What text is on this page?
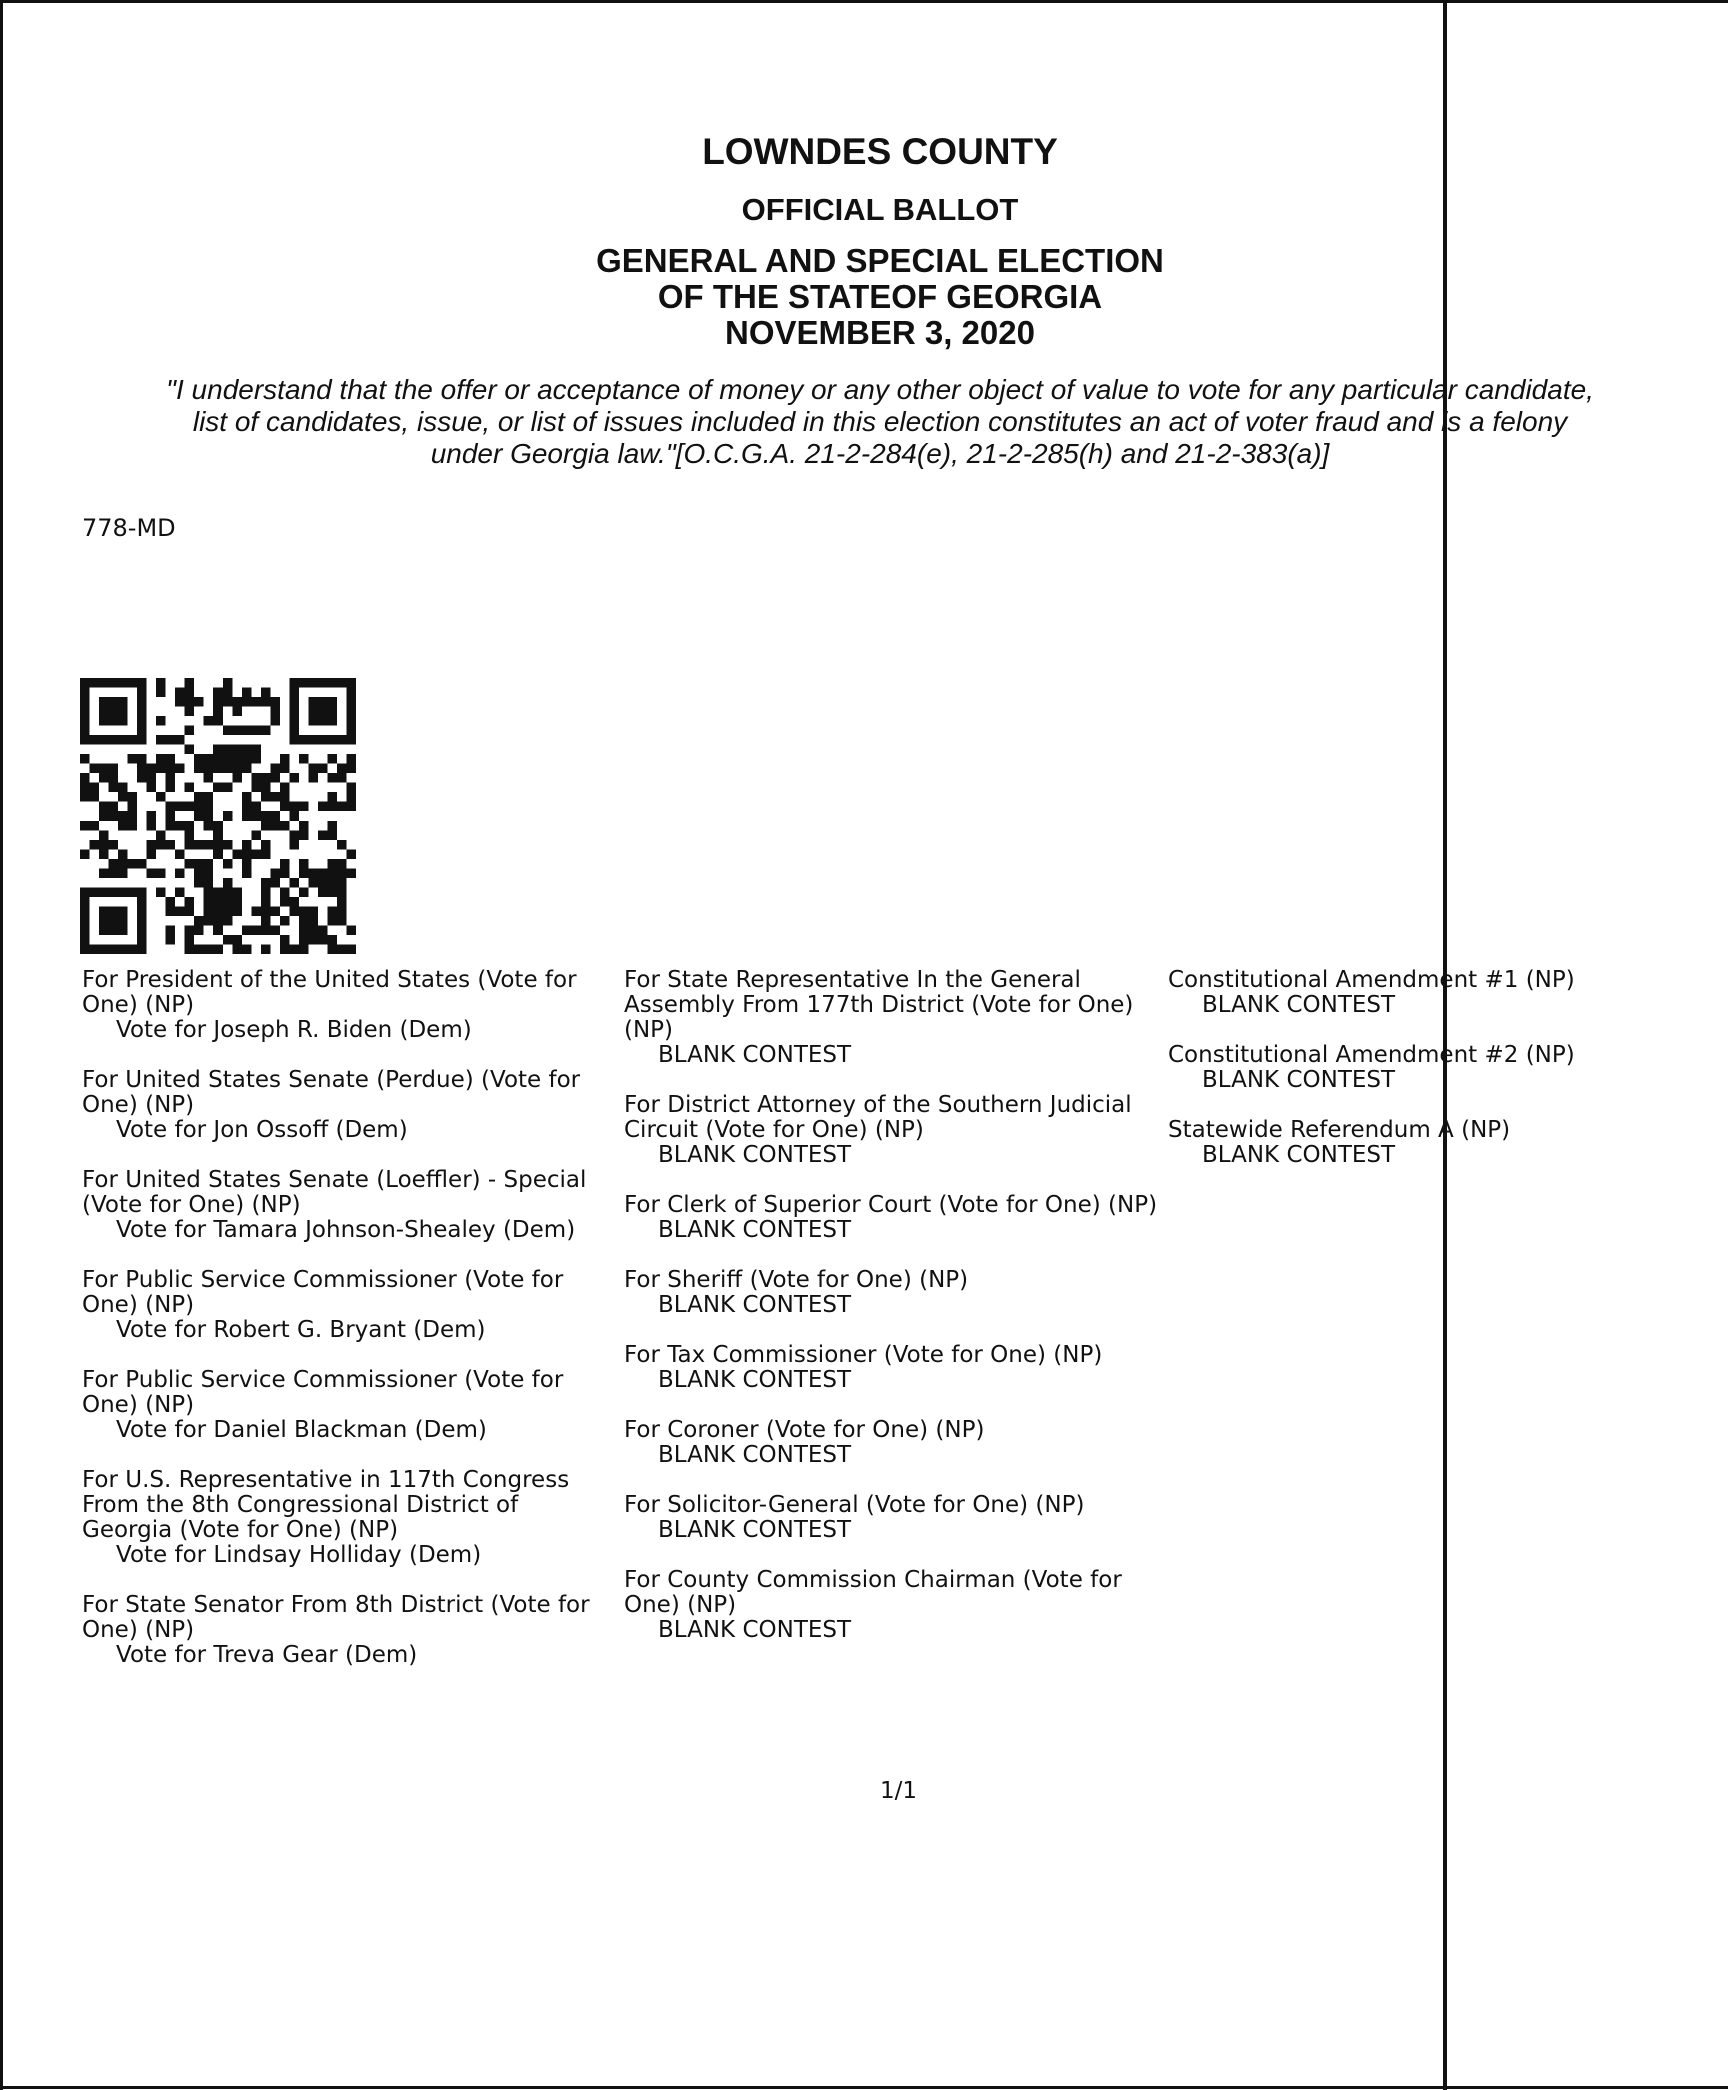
LOWNDES COUNTY
OFFICIAL BALLOT
GENERAL AND SPECIAL ELECTION
OF THE STATEOF GEORGIA
NOVEMBER 3, 2020
"I understand that the offer or acceptance of money or any other object of value to vote for any particular candidate,
list of candidates, issue, or list of issues included in this election constitutes an act of voter fraud and is a felony
under Georgia law."[O.C.G.A. 21-2-284(e), 21-2-285(h) and 21-2-383(a)]
778-MD
For President of the United States (Vote for One) (NP)
Vote for Joseph R. Biden (Dem)
For United States Senate (Perdue) (Vote for One) (NP)
Vote for Jon Ossoff (Dem)
For United States Senate (Loeffler) - Special (Vote for One) (NP)
Vote for Tamara Johnson-Shealey (Dem)
For Public Service Commissioner (Vote for One) (NP)
Vote for Robert G. Bryant (Dem)
For Public Service Commissioner (Vote for One) (NP)
Vote for Daniel Blackman (Dem)
For U.S. Representative in 117th Congress From the 8th Congressional District of Georgia (Vote for One) (NP)
Vote for Lindsay Holliday (Dem)
For State Senator From 8th District (Vote for One) (NP)
Vote for Treva Gear (Dem)
For State Representative In the General Assembly From 177th District (Vote for One) (NP)
BLANK CONTEST
For District Attorney of the Southern Judicial Circuit (Vote for One) (NP)
BLANK CONTEST
For Clerk of Superior Court (Vote for One) (NP)
BLANK CONTEST
For Sheriff (Vote for One) (NP)
BLANK CONTEST
For Tax Commissioner (Vote for One) (NP)
BLANK CONTEST
For Coroner (Vote for One) (NP)
BLANK CONTEST
For Solicitor-General (Vote for One) (NP)
BLANK CONTEST
For County Commission Chairman (Vote for One) (NP)
BLANK CONTEST
Constitutional Amendment #1 (NP)
BLANK CONTEST
Constitutional Amendment #2 (NP)
BLANK CONTEST
Statewide Referendum A (NP)
BLANK CONTEST
1/1
